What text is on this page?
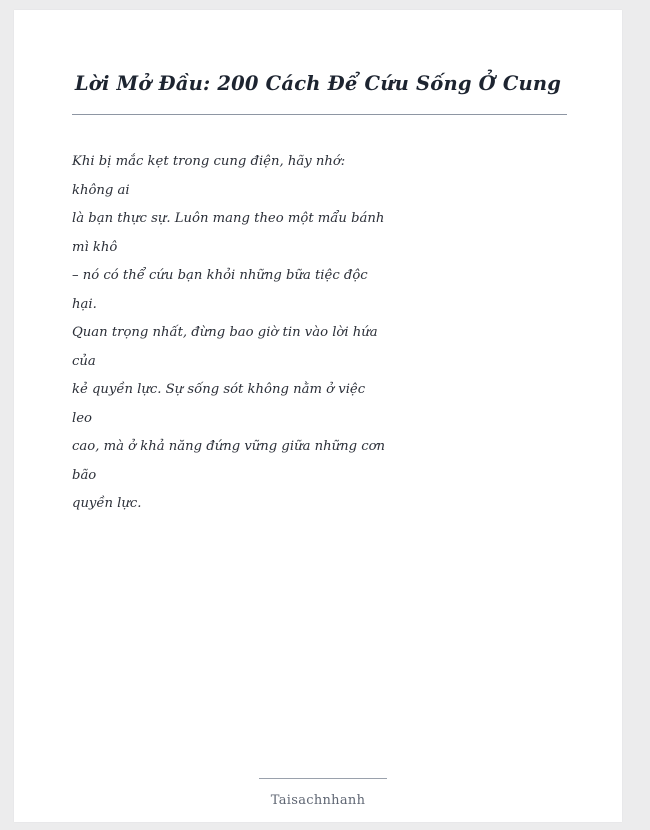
Lời Mở Đầu: 200 Cách Để Cứu Sống Ở Cung
Khi bị mắc kẹt trong cung điện, hãy nhớ:
không ai
là bạn thực sự. Luôn mang theo một mẩu bánh
mì khô
– nó có thể cứu bạn khỏi những bữa tiệc độc
hại.
Quan trọng nhất, đừng bao giờ tin vào lời hứa
của
kẻ quyền lực. Sự sống sót không nằm ở việc
leo
cao, mà ở khả năng đứng vững giữa những cơn
bão
quyền lực.
Taisachnhanh
